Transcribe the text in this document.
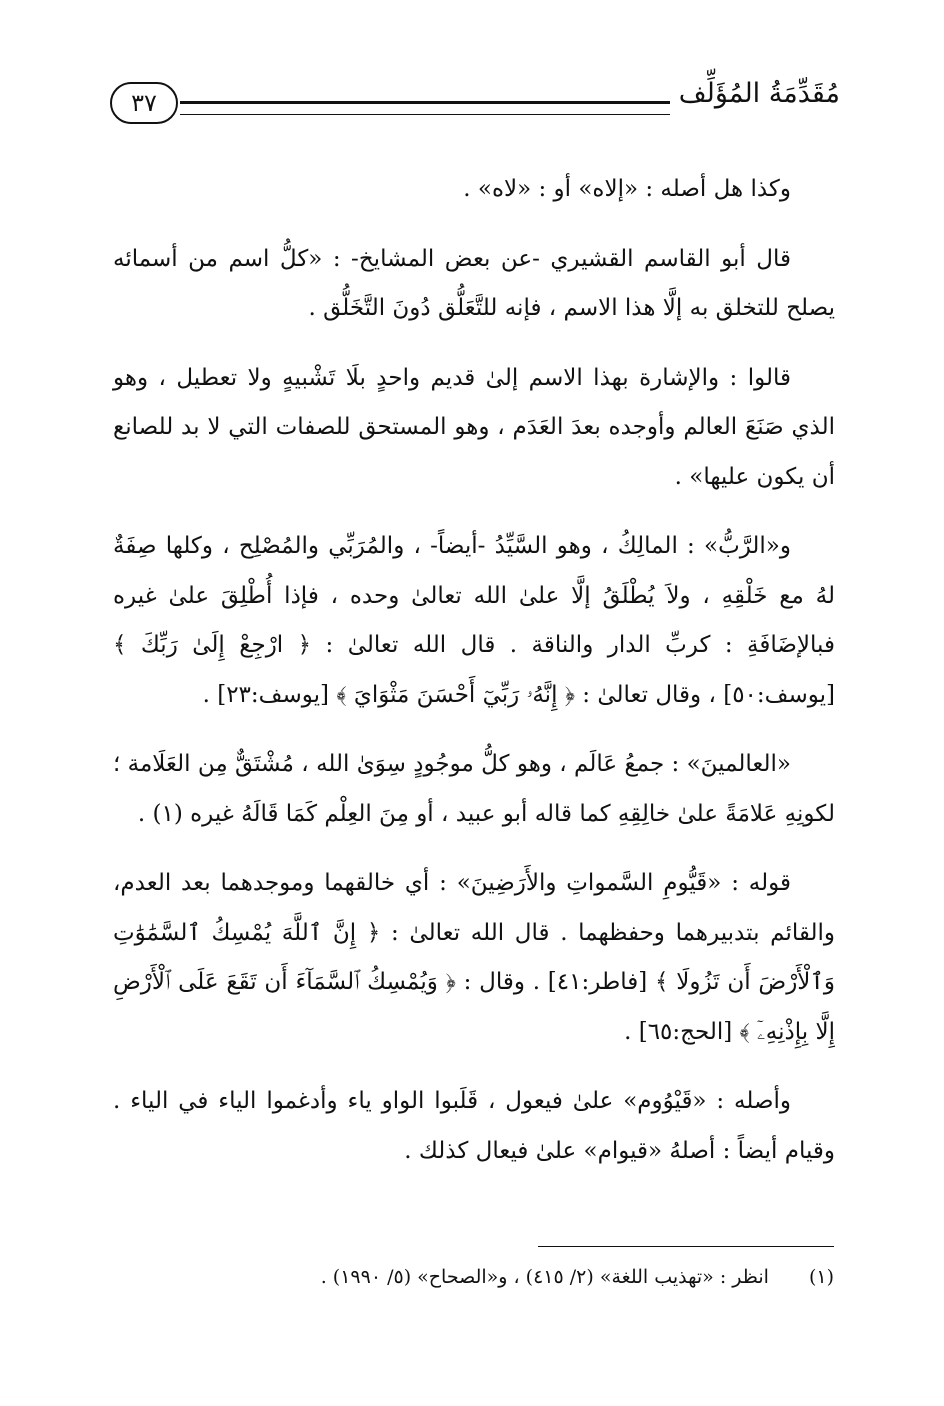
مُقَدِّمَةُ المُؤَلِّف
٣٧

وكذا هل أصله : «إلاه» أو : «لاه» .

قال أبو القاسم القشيري -عن بعض المشايخ- : «كلُّ اسم من أسمائه يصلح للتخلق به إلَّا هذا الاسم ، فإنه للتَّعَلُّق دُونَ التَّخَلُّق .

قالوا : والإشارة بهذا الاسم إلىٰ قديم واحدٍ بلَا تَشْبيهٍ ولا تعطيل ، وهو الذي صَنَعَ العالم وأوجده بعدَ العَدَم ، وهو المستحق للصفات التي لا بد للصانع أن يكون عليها» .

و«الرَّبُّ» : المالِكُ ، وهو السَّيِّدُ -أيضاً- ، والمُرَبِّي والمُصْلِح ، وكلها صِفَةٌ لهُ مع خَلْقِهِ ، ولاَ يُطْلَقُ إلَّا علىٰ الله تعالىٰ وحده ، فإذا أُطْلِقَ علىٰ غيره فبالإضَافَةِ : كربِّ الدار والناقة . قال الله تعالىٰ : ﴿ ارْجِعْ إِلَىٰ رَبِّكَ ﴾ [يوسف:٥٠] ، وقال تعالىٰ : ﴿ إِنَّهُۥ رَبِّيٓ أَحْسَنَ مَثْوَايَ ﴾ [يوسف:٢٣] .

«العالمينَ» : جمعُ عَالَم ، وهو كلُّ موجُودٍ سِوَىٰ الله ، مُشْتَقٌّ مِن العَلَامة ؛ لكونِهِ عَلامَةً علىٰ خالِقِهِ كما قاله أبو عبيد ، أو مِنَ العِلْم كَمَا قَالَهُ غيره (١) .

قوله : «قَيُّومِ السَّمواتِ والأَرَضِينَ» : أي خالقهما وموجدهما بعد العدم، والقائم بتدبيرهما وحفظهما . قال الله تعالىٰ : ﴿ إِنَّ ٱللَّهَ يُمْسِكُ ٱلسَّمَٰوَٰتِ وَٱلْأَرْضَ أَن تَزُولَا ﴾ [فاطر:٤١] . وقال : ﴿ وَيُمْسِكُ ٱلسَّمَآءَ أَن تَقَعَ عَلَى ٱلْأَرْضِ إِلَّا بِإِذْنِهِۦٓ ﴾ [الحج:٦٥] .

وأصله : «قَيْوُوم» علىٰ فيعول ، قَلَبوا الواو ياء وأدغموا الياء في الياء . وقيام أيضاً : أصلهُ «قيوام» علىٰ فيعال كذلك .

(١)انظر : «تهذيب اللغة» (٢/ ٤١٥) ، و«الصحاح» (٥/ ١٩٩٠) .
